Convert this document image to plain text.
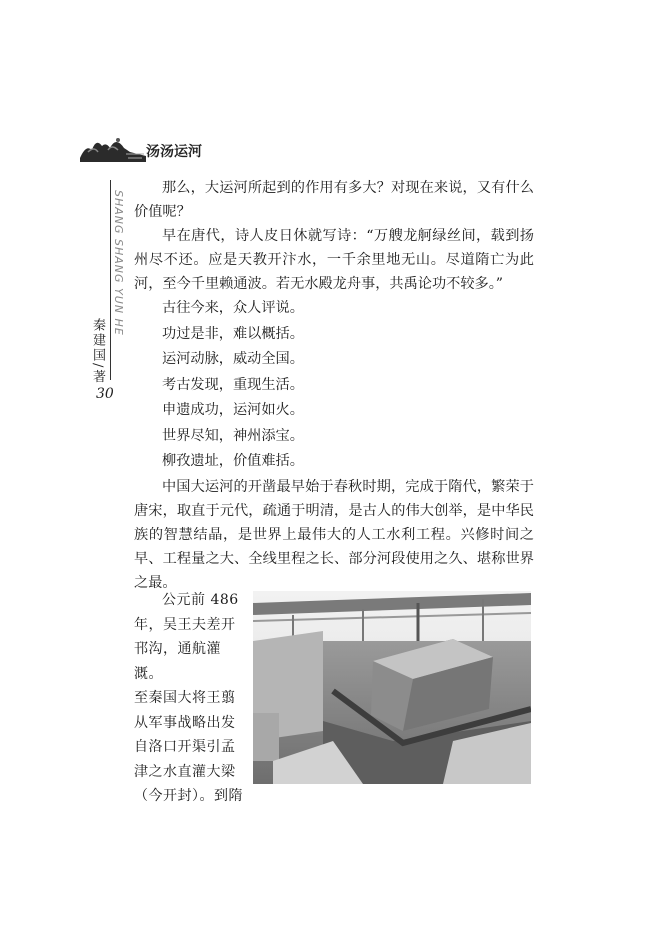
汤汤运河
SHANG SHANG YUN HE
秦建国/著
30

那么，大运河所起到的作用有多大？对现在来说，又有什么价值呢？

早在唐代，诗人皮日休就写诗：“万艘龙舸绿丝间，载到扬州尽不还。应是天教开汴水，一千余里地无山。尽道隋亡为此河，至今千里赖通波。若无水殿龙舟事，共禹论功不较多。”

古往今来，众人评说。

功过是非，难以概括。

运河动脉，威动全国。

考古发现，重现生活。

申遗成功，运河如火。

世界尽知，神州添宝。

柳孜遗址，价值难括。

中国大运河的开凿最早始于春秋时期，完成于隋代，繁荣于唐宋，取直于元代，疏通于明清，是古人的伟大创举，是中华民族的智慧结晶，是世界上最伟大的人工水利工程。兴修时间之早、工程量之大、全线里程之长、部分河段使用之久、堪称世界之最。

公元前 486

年，吴王夫差开

邗沟，通航灌溉。

至秦国大将王翦

从军事战略出发

自洛口开渠引孟

津之水直灌大梁

（今开封）。到隋
